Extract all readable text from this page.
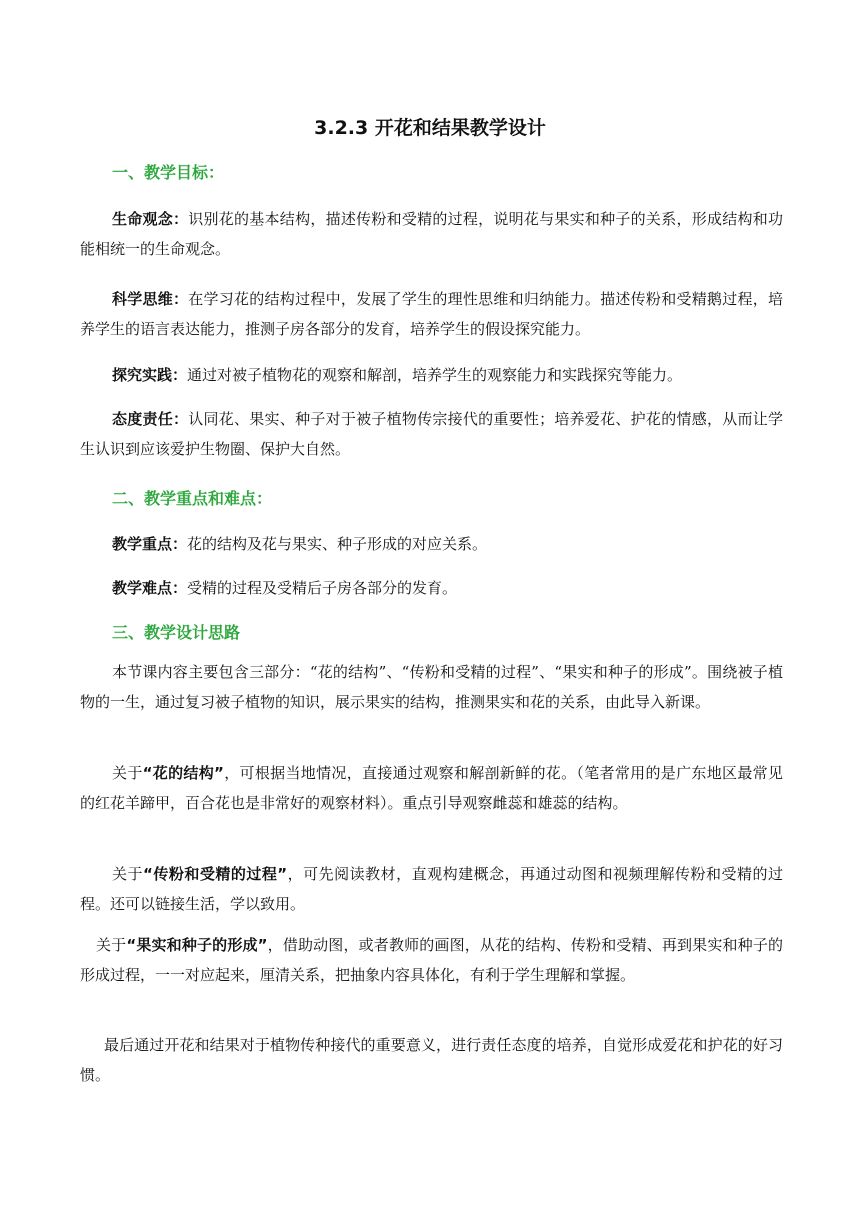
3.2.3 开花和结果教学设计
一、教学目标：
生命观念：识别花的基本结构，描述传粉和受精的过程，说明花与果实和种子的关系，形成结构和功能相统一的生命观念。
科学思维：在学习花的结构过程中，发展了学生的理性思维和归纳能力。描述传粉和受精鹅过程，培养学生的语言表达能力，推测子房各部分的发育，培养学生的假设探究能力。
探究实践：通过对被子植物花的观察和解剖，培养学生的观察能力和实践探究等能力。
态度责任：认同花、果实、种子对于被子植物传宗接代的重要性；培养爱花、护花的情感，从而让学生认识到应该爱护生物圈、保护大自然。
二、教学重点和难点：
教学重点：花的结构及花与果实、种子形成的对应关系。
教学难点：受精的过程及受精后子房各部分的发育。
三、教学设计思路
本节课内容主要包含三部分：“花的结构”、“传粉和受精的过程”、“果实和种子的形成”。围绕被子植物的一生，通过复习被子植物的知识，展示果实的结构，推测果实和花的关系，由此导入新课。
关于“花的结构”，可根据当地情况，直接通过观察和解剖新鲜的花。（笔者常用的是广东地区最常见的红花羊蹄甲，百合花也是非常好的观察材料）。重点引导观察雌蕊和雄蕊的结构。
关于“传粉和受精的过程”，可先阅读教材，直观构建概念，再通过动图和视频理解传粉和受精的过程。还可以链接生活，学以致用。
关于“果实和种子的形成”，借助动图，或者教师的画图，从花的结构、传粉和受精、再到果实和种子的形成过程，一一对应起来，厘清关系，把抽象内容具体化，有利于学生理解和掌握。
最后通过开花和结果对于植物传种接代的重要意义，进行责任态度的培养，自觉形成爱花和护花的好习惯。
